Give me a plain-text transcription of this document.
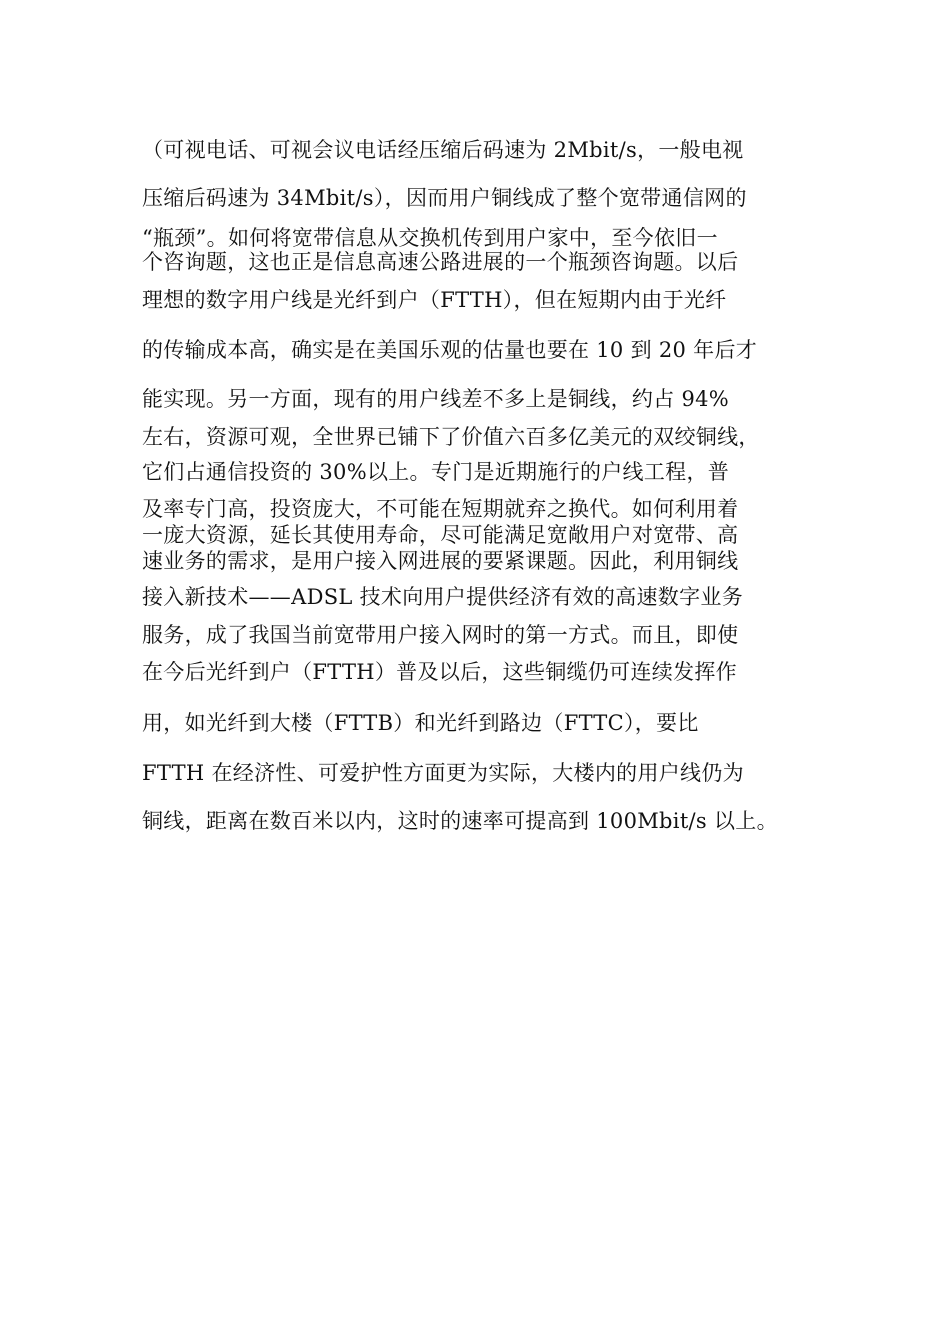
（可视电话、可视会议电话经压缩后码速为 2Mbit/s，一般电视
压缩后码速为 34Mbit/s），因而用户铜线成了整个宽带通信网的
“瓶颈”。如何将宽带信息从交换机传到用户家中，至今依旧一
个咨询题，这也正是信息高速公路进展的一个瓶颈咨询题。以后
理想的数字用户线是光纤到户（FTTH），但在短期内由于光纤
的传输成本高，确实是在美国乐观的估量也要在 10 到 20 年后才
能实现。另一方面，现有的用户线差不多上是铜线，约占 94%
左右，资源可观，全世界已铺下了价值六百多亿美元的双绞铜线，
它们占通信投资的 30%以上。专门是近期施行的户线工程，普
及率专门高，投资庞大，不可能在短期就弃之换代。如何利用着
一庞大资源，延长其使用寿命，尽可能满足宽敞用户对宽带、高
速业务的需求，是用户接入网进展的要紧课题。因此，利用铜线
接入新技术——ADSL 技术向用户提供经济有效的高速数字业务
服务，成了我国当前宽带用户接入网时的第一方式。而且，即使
在今后光纤到户（FTTH）普及以后，这些铜缆仍可连续发挥作
用，如光纤到大楼（FTTB）和光纤到路边（FTTC），要比
FTTH 在经济性、可爱护性方面更为实际，大楼内的用户线仍为
铜线，距离在数百米以内，这时的速率可提高到 100Mbit/s 以上。
